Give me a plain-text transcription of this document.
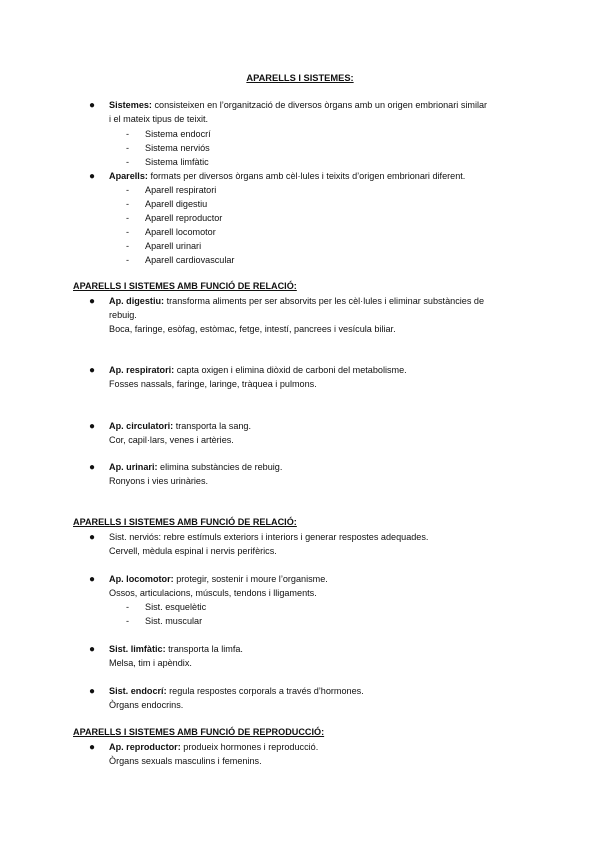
APARELLS I SISTEMES:
● Sistemes: consisteixen en l’organització de diversos òrgans amb un origen embrionari similar
i el mateix tipus de teixit.
- Sistema endocrí
- Sistema nerviós
- Sistema limfàtic
● Aparells: formats per diversos òrgans amb cèl·lules i teixits d’origen embrionari diferent.
- Aparell respiratori
- Aparell digestiu
- Aparell reproductor
- Aparell locomotor
- Aparell urinari
- Aparell cardiovascular
APARELLS I SISTEMES AMB FUNCIÓ DE RELACIÓ:
● Ap. digestiu: transforma aliments per ser absorvits per les cèl·lules i eliminar substàncies de
rebuig.
Boca, faringe, esòfag, estòmac, fetge, intestí, pancrees i vesícula biliar.
● Ap. respiratori: capta oxigen i elimina diòxid de carboni del metabolisme.
Fosses nassals, faringe, laringe, tràquea i pulmons.
● Ap. circulatori: transporta la sang.
Cor, capil·lars, venes i artèries.
● Ap. urinari: elimina substàncies de rebuig.
Ronyons i vies urinàries.
APARELLS I SISTEMES AMB FUNCIÓ DE RELACIÓ:
● Sist. nerviós: rebre estímuls exteriors i interiors i generar respostes adequades.
Cervell, mèdula espinal i nervis perifèrics.
● Ap. locomotor: protegir, sostenir i moure l’organisme.
Ossos, articulacions, músculs, tendons i lligaments.
- Sist. esquelètic
- Sist. muscular
● Sist. limfàtic: transporta la limfa.
Melsa, tim i apèndix.
● Sist. endocrí: regula respostes corporals a través d’hormones.
Òrgans endocrins.
APARELLS I SISTEMES AMB FUNCIÓ DE REPRODUCCIÓ:
● Ap. reproductor: produeix hormones i reproducció.
Òrgans sexuals masculins i femenins.
